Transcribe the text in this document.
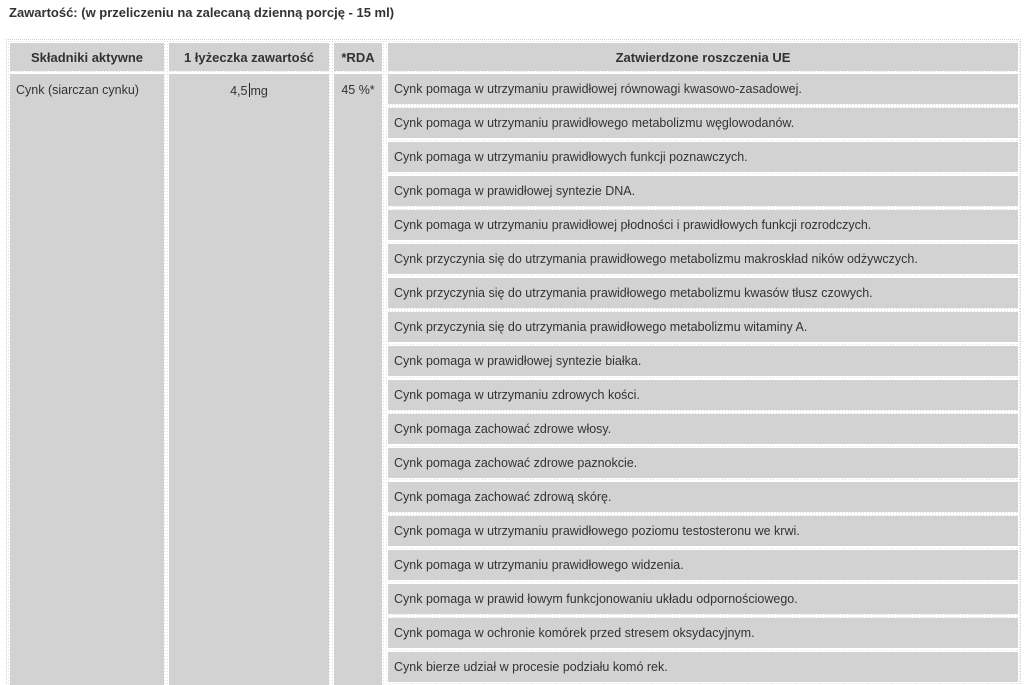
Zawartość: (w przeliczeniu na zalecaną dzienną porcję - 15 ml)
Składniki aktywne	1 łyżeczka zawartość	*RDA	Zatwierdzone roszczenia UE
Cynk (siarczan cynku)	4,5 mg	45 %*	Cynk pomaga w utrzymaniu prawidłowej równowagi kwasowo-zasadowej.
Cynk pomaga w utrzymaniu prawidłowego metabolizmu węglowodanów.
Cynk pomaga w utrzymaniu prawidłowych funkcji poznawczych.
Cynk pomaga w prawidłowej syntezie DNA.
Cynk pomaga w utrzymaniu prawidłowej płodności i prawidłowych funkcji rozrodczych.
Cynk przyczynia się do utrzymania prawidłowego metabolizmu makroskład ników odżywczych.
Cynk przyczynia się do utrzymania prawidłowego metabolizmu kwasów tłusz czowych.
Cynk przyczynia się do utrzymania prawidłowego metabolizmu witaminy A.
Cynk pomaga w prawidłowej syntezie białka.
Cynk pomaga w utrzymaniu zdrowych kości.
Cynk pomaga zachować zdrowe włosy.
Cynk pomaga zachować zdrowe paznokcie.
Cynk pomaga zachować zdrową skórę.
Cynk pomaga w utrzymaniu prawidłowego poziomu testosteronu we krwi.
Cynk pomaga w utrzymaniu prawidłowego widzenia.
Cynk pomaga w prawid łowym funkcjonowaniu układu odpornościowego.
Cynk pomaga w ochronie komórek przed stresem oksydacyjnym.
Cynk bierze udział w procesie podziału komó rek.
